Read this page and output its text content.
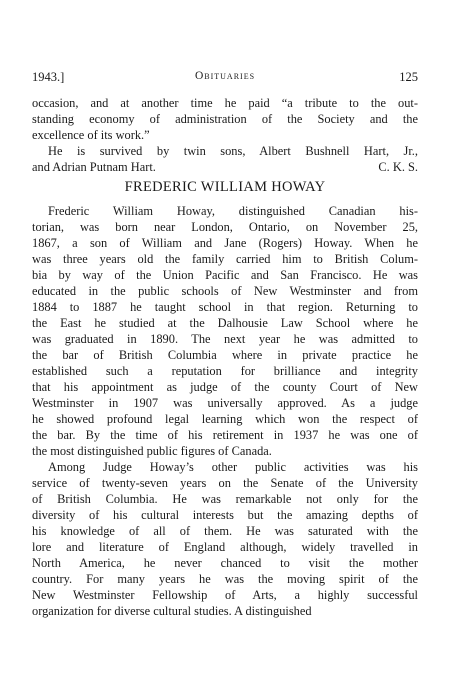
1943.]	Obituaries	125
occasion, and at another time he paid “a tribute to the out-
standing economy of administration of the Society and the
excellence of its work.”
He is survived by twin sons, Albert Bushnell Hart, Jr.,
and Adrian Putnam Hart.	C. K. S.
FREDERIC WILLIAM HOWAY
Frederic William Howay, distinguished Canadian his-
torian, was born near London, Ontario, on November 25,
1867, a son of William and Jane (Rogers) Howay. When he
was three years old the family carried him to British Colum-
bia by way of the Union Pacific and San Francisco. He was
educated in the public schools of New Westminster and from
1884 to 1887 he taught school in that region. Returning to
the East he studied at the Dalhousie Law School where he
was graduated in 1890. The next year he was admitted to
the bar of British Columbia where in private practice he
established such a reputation for brilliance and integrity
that his appointment as judge of the county Court of New
Westminster in 1907 was universally approved. As a judge
he showed profound legal learning which won the respect of
the bar. By the time of his retirement in 1937 he was one of
the most distinguished public figures of Canada.
Among Judge Howay’s other public activities was his
service of twenty-seven years on the Senate of the University
of British Columbia. He was remarkable not only for the
diversity of his cultural interests but the amazing depths of
his knowledge of all of them. He was saturated with the
lore and literature of England although, widely travelled in
North America, he never chanced to visit the mother
country. For many years he was the moving spirit of the
New Westminster Fellowship of Arts, a highly successful
organization for diverse cultural studies. A distinguished
